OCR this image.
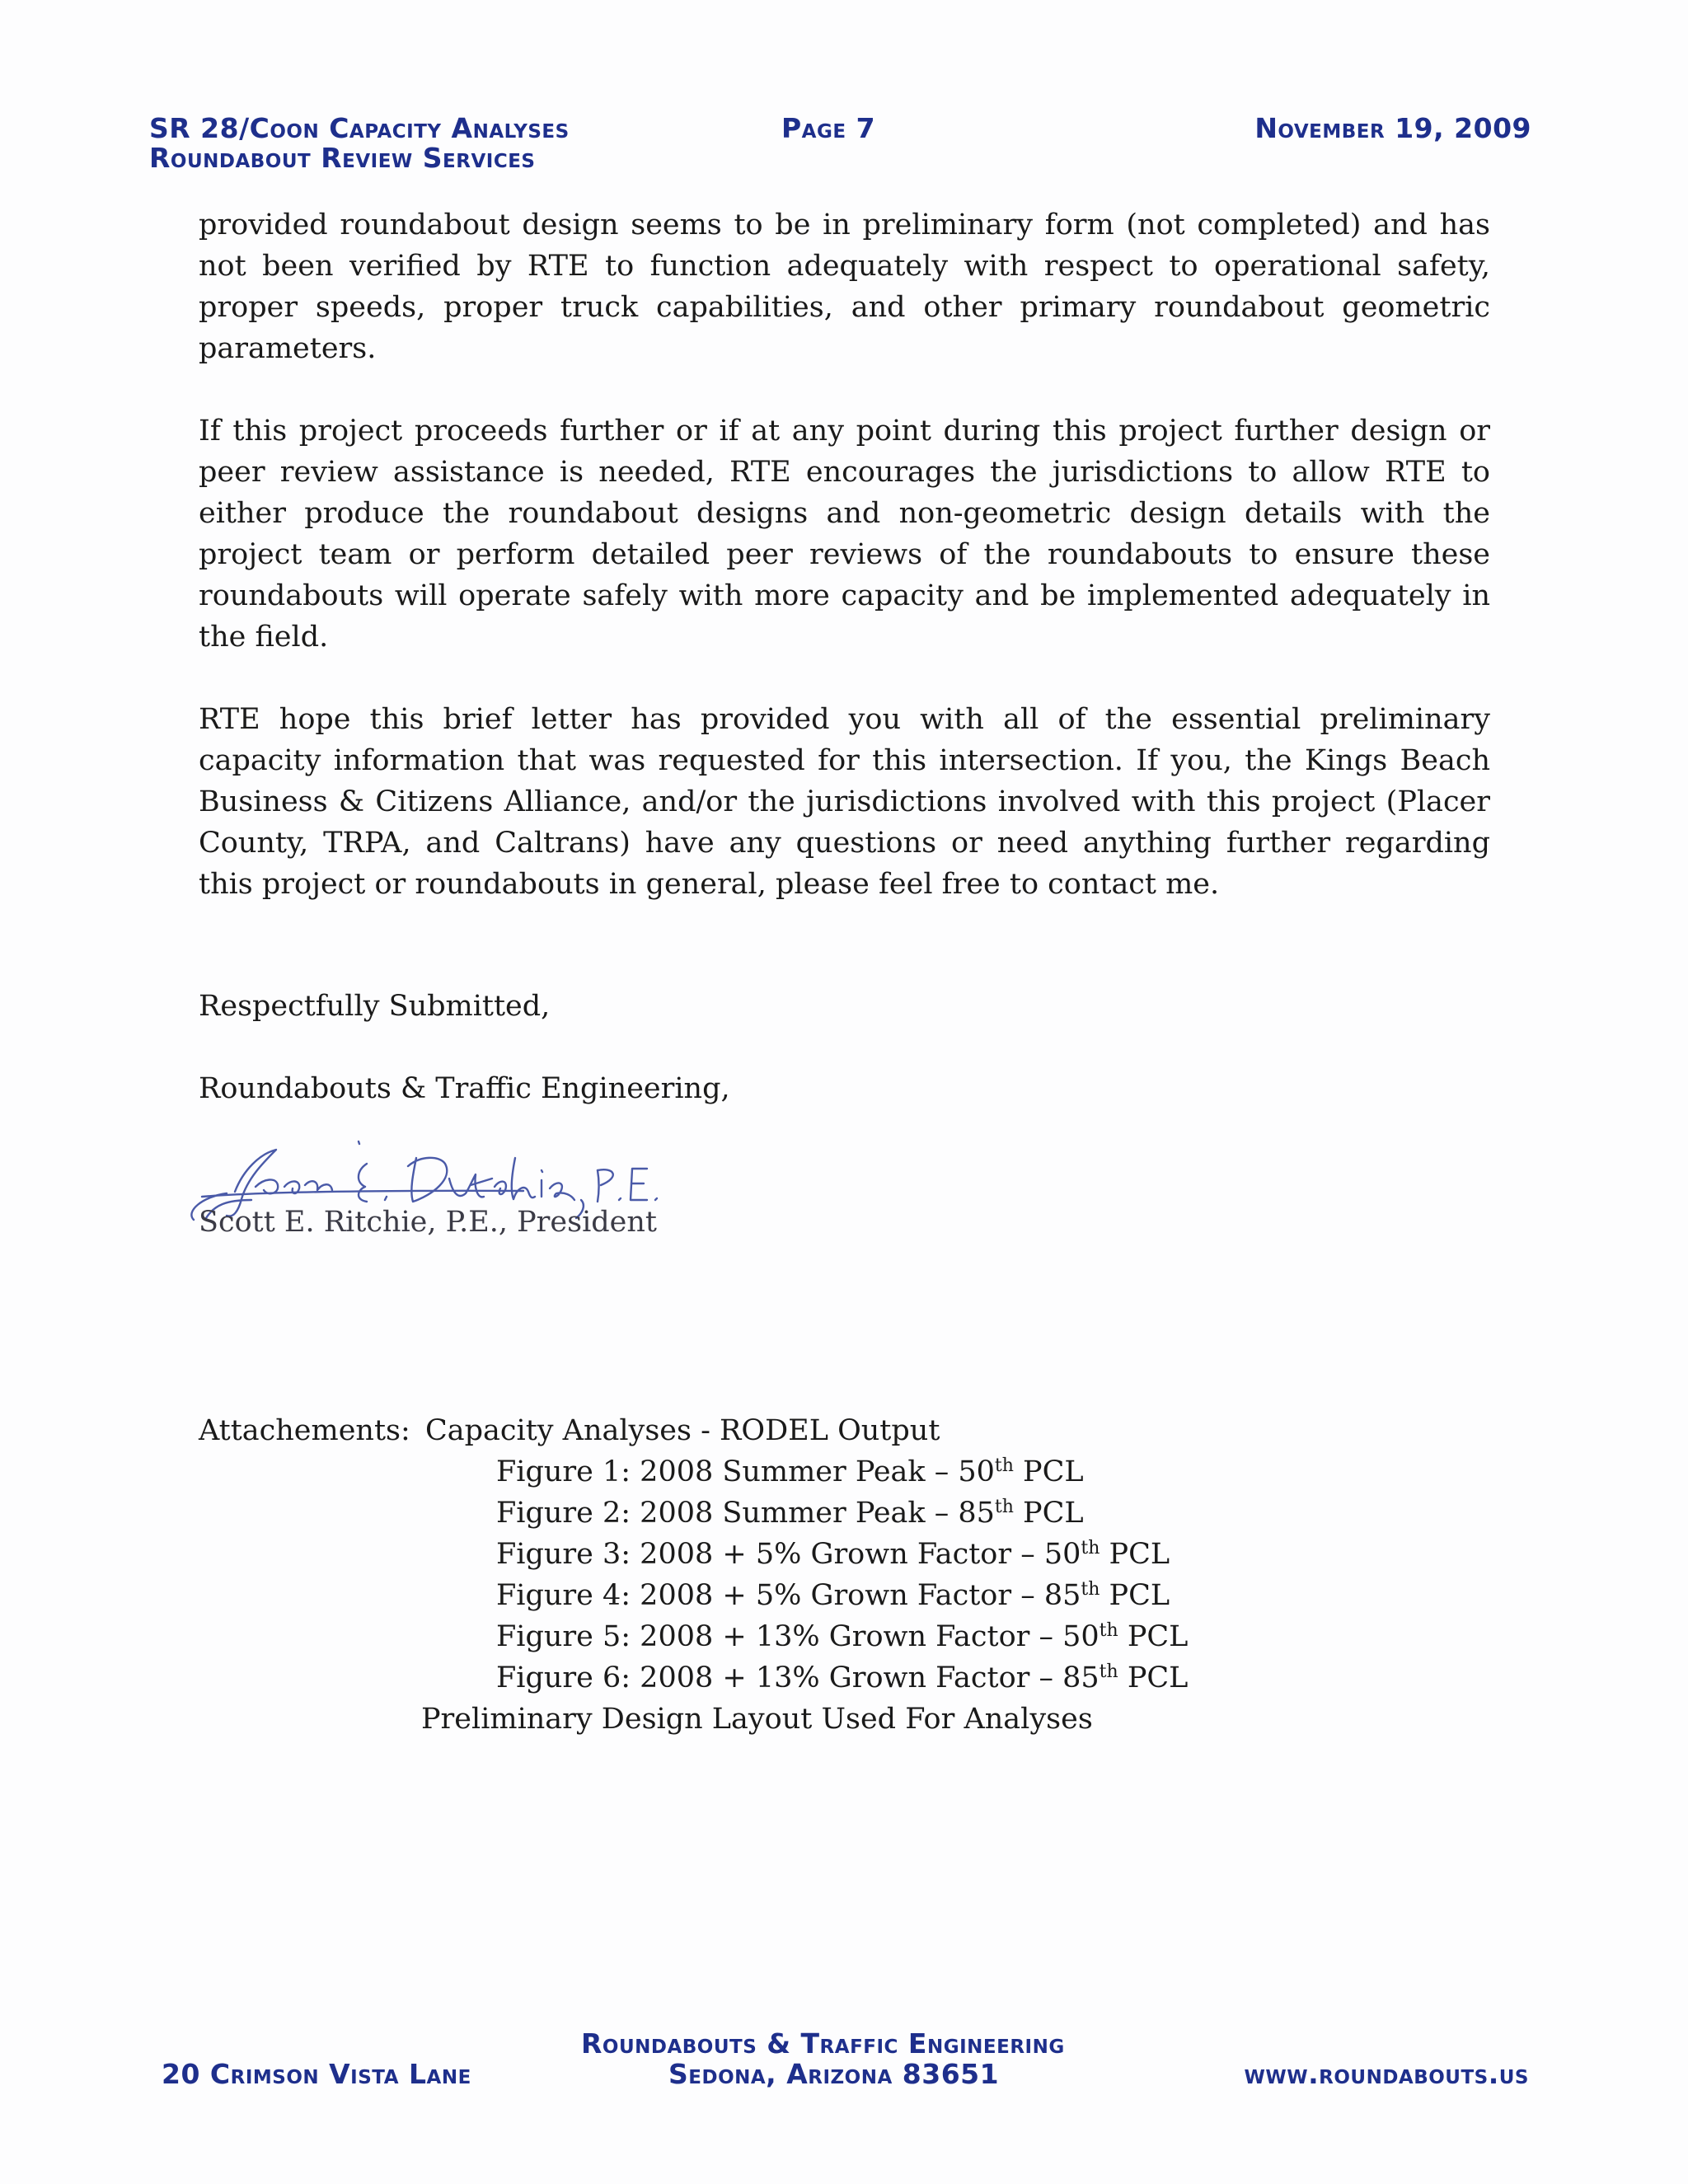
SR 28/Coon Capacity Analyses
Roundabout Review Services
Page 7	November 19, 2009

provided roundabout design seems to be in preliminary form (not completed) and has not been verified by RTE to function adequately with respect to operational safety, proper speeds, proper truck capabilities, and other primary roundabout geometric parameters.

If this project proceeds further or if at any point during this project further design or peer review assistance is needed, RTE encourages the jurisdictions to allow RTE to either produce the roundabout designs and non-geometric design details with the project team or perform detailed peer reviews of the roundabouts to ensure these roundabouts will operate safely with more capacity and be implemented adequately in the field.

RTE hope this brief letter has provided you with all of the essential preliminary capacity information that was requested for this intersection. If you, the Kings Beach Business & Citizens Alliance, and/or the jurisdictions involved with this project (Placer County, TRPA, and Caltrans) have any questions or need anything further regarding this project or roundabouts in general, please feel free to contact me.

Respectfully Submitted,
Roundabouts & Traffic Engineering,
Scott E. Ritchie, P.E., President
Attachements: Capacity Analyses - RODEL Output
Figure 1: 2008 Summer Peak – 50th PCL
Figure 2: 2008 Summer Peak – 85th PCL
Figure 3: 2008 + 5% Grown Factor – 50th PCL
Figure 4: 2008 + 5% Grown Factor – 85th PCL
Figure 5: 2008 + 13% Grown Factor – 50th PCL
Figure 6: 2008 + 13% Grown Factor – 85th PCL
Preliminary Design Layout Used For Analyses
Roundabouts & Traffic Engineering
20 Crimson Vista Lane	Sedona, Arizona 83651	www.roundabouts.us
